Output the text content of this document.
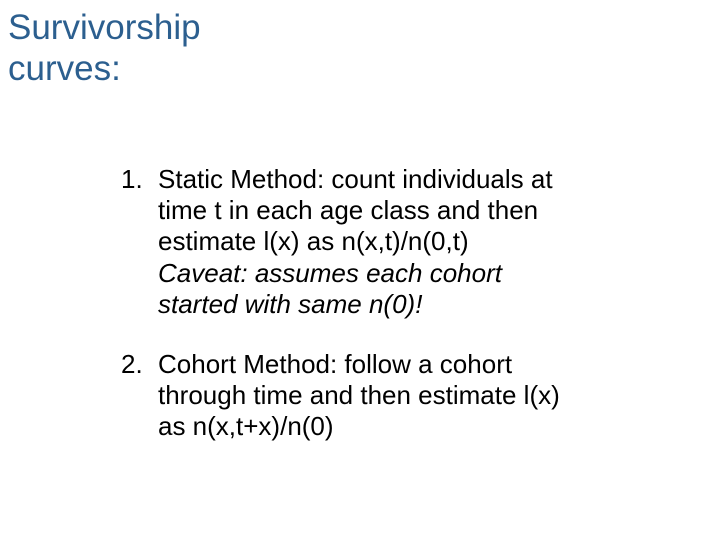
Survivorship
curves:
1. Static Method: count individuals at
time t in each age class and then
estimate l(x) as n(x,t)/n(0,t)
Caveat: assumes each cohort
started with same n(0)!
2. Cohort Method: follow a cohort
through time and then estimate l(x)
as n(x,t+x)/n(0)
